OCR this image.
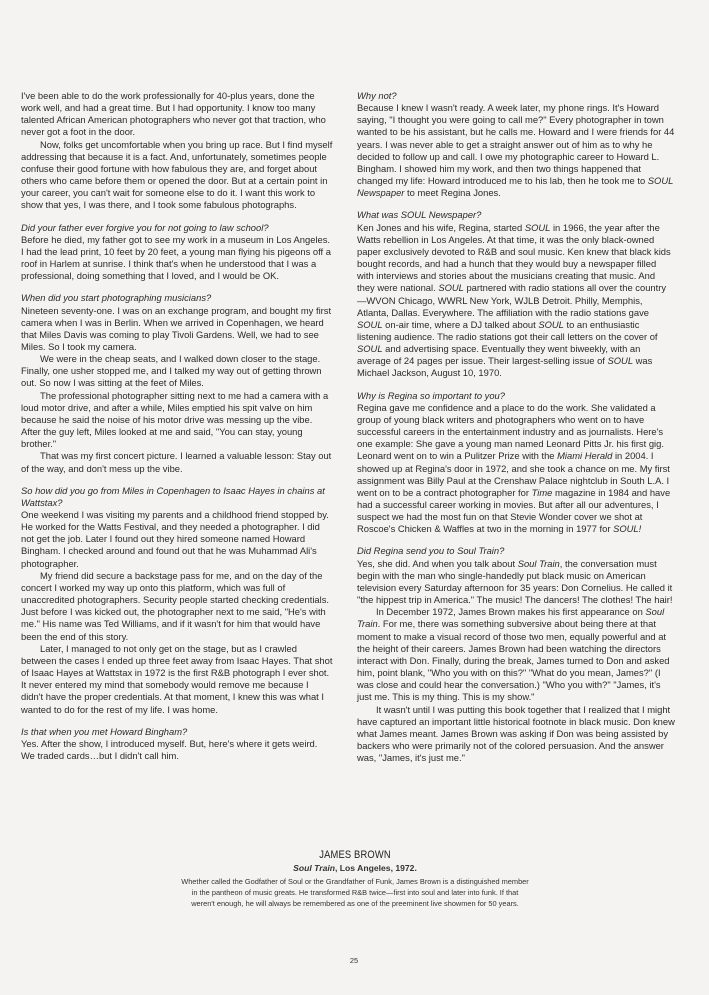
I've been able to do the work professionally for 40-plus years, done the work well, and had a great time. But I had opportunity. I know too many talented African American photographers who never got that traction, who never got a foot in the door.

Now, folks get uncomfortable when you bring up race. But I find myself addressing that because it is a fact. And, unfortunately, sometimes people confuse their good fortune with how fabulous they are, and forget about others who came before them or opened the door. But at a certain point in your career, you can't wait for someone else to do it. I want this work to show that yes, I was there, and I took some fabulous photographs.

Did your father ever forgive you for not going to law school?

Before he died, my father got to see my work in a museum in Los Angeles. I had the lead print, 10 feet by 20 feet, a young man flying his pigeons off a roof in Harlem at sunrise. I think that's when he understood that I was a professional, doing something that I loved, and I would be OK.

When did you start photographing musicians?

Nineteen seventy-one. I was on an exchange program, and bought my first camera when I was in Berlin. When we arrived in Copenhagen, we heard that Miles Davis was coming to play Tivoli Gardens. Well, we had to see Miles. So I took my camera.

We were in the cheap seats, and I walked down closer to the stage. Finally, one usher stopped me, and I talked my way out of getting thrown out. So now I was sitting at the feet of Miles.

The professional photographer sitting next to me had a camera with a loud motor drive, and after a while, Miles emptied his spit valve on him because he said the noise of his motor drive was messing up the vibe. After the guy left, Miles looked at me and said, "You can stay, young brother."

That was my first concert picture. I learned a valuable lesson: Stay out of the way, and don't mess up the vibe.

So how did you go from Miles in Copenhagen to Isaac Hayes in chains at Wattstax?

One weekend I was visiting my parents and a childhood friend stopped by. He worked for the Watts Festival, and they needed a photographer. I did not get the job. Later I found out they hired someone named Howard Bingham. I checked around and found out that he was Muhammad Ali's photographer.

My friend did secure a backstage pass for me, and on the day of the concert I worked my way up onto this platform, which was full of unaccredited photographers. Security people started checking credentials. Just before I was kicked out, the photographer next to me said, "He's with me." His name was Ted Williams, and if it wasn't for him that would have been the end of this story.

Later, I managed to not only get on the stage, but as I crawled between the cases I ended up three feet away from Isaac Hayes. That shot of Isaac Hayes at Wattstax in 1972 is the first R&B photograph I ever shot. It never entered my mind that somebody would remove me because I didn't have the proper credentials. At that moment, I knew this was what I wanted to do for the rest of my life. I was home.

Is that when you met Howard Bingham?

Yes. After the show, I introduced myself. But, here's where it gets weird. We traded cards…but I didn't call him.

Why not?

Because I knew I wasn't ready. A week later, my phone rings. It's Howard saying, "I thought you were going to call me?" Every photographer in town wanted to be his assistant, but he calls me. Howard and I were friends for 44 years. I was never able to get a straight answer out of him as to why he decided to follow up and call. I owe my photographic career to Howard L. Bingham. I showed him my work, and then two things happened that changed my life: Howard introduced me to his lab, then he took me to SOUL Newspaper to meet Regina Jones.

What was SOUL Newspaper?

Ken Jones and his wife, Regina, started SOUL in 1966, the year after the Watts rebellion in Los Angeles. At that time, it was the only black-owned paper exclusively devoted to R&B and soul music. Ken knew that black kids bought records, and had a hunch that they would buy a newspaper filled with interviews and stories about the musicians creating that music. And they were national. SOUL partnered with radio stations all over the country—WVON Chicago, WWRL New York, WJLB Detroit. Philly, Memphis, Atlanta, Dallas. Everywhere. The affiliation with the radio stations gave SOUL on-air time, where a DJ talked about SOUL to an enthusiastic listening audience. The radio stations got their call letters on the cover of SOUL and advertising space. Eventually they went biweekly, with an average of 24 pages per issue. Their largest-selling issue of SOUL was Michael Jackson, August 10, 1970.

Why is Regina so important to you?

Regina gave me confidence and a place to do the work. She validated a group of young black writers and photographers who went on to have successful careers in the entertainment industry and as journalists. Here's one example: She gave a young man named Leonard Pitts Jr. his first gig. Leonard went on to win a Pulitzer Prize with the Miami Herald in 2004. I showed up at Regina's door in 1972, and she took a chance on me. My first assignment was Billy Paul at the Crenshaw Palace nightclub in South L.A. I went on to be a contract photographer for Time magazine in 1984 and have had a successful career working in movies. But after all our adventures, I suspect we had the most fun on that Stevie Wonder cover we shot at Roscoe's Chicken & Waffles at two in the morning in 1977 for SOUL!

Did Regina send you to Soul Train?

Yes, she did. And when you talk about Soul Train, the conversation must begin with the man who single-handedly put black music on American television every Saturday afternoon for 35 years: Don Cornelius. He called it "the hippest trip in America." The music! The dancers! The clothes! The hair!

In December 1972, James Brown makes his first appearance on Soul Train. For me, there was something subversive about being there at that moment to make a visual record of those two men, equally powerful and at the height of their careers. James Brown had been watching the directors interact with Don. Finally, during the break, James turned to Don and asked him, point blank, "Who you with on this?" "What do you mean, James?" (I was close and could hear the conversation.) "Who you with?" "James, it's just me. This is my thing. This is my show."

It wasn't until I was putting this book together that I realized that I might have captured an important little historical footnote in black music. Don knew what James meant. James Brown was asking if Don was being assisted by backers who were primarily not of the colored persuasion. And the answer was, "James, it's just me."

JAMES BROWN
Soul Train, Los Angeles, 1972.
Whether called the Godfather of Soul or the Grandfather of Funk, James Brown is a distinguished member in the pantheon of music greats. He transformed R&B twice—first into soul and later into funk. If that weren't enough, he will always be remembered as one of the preeminent live showmen for 50 years.
25
